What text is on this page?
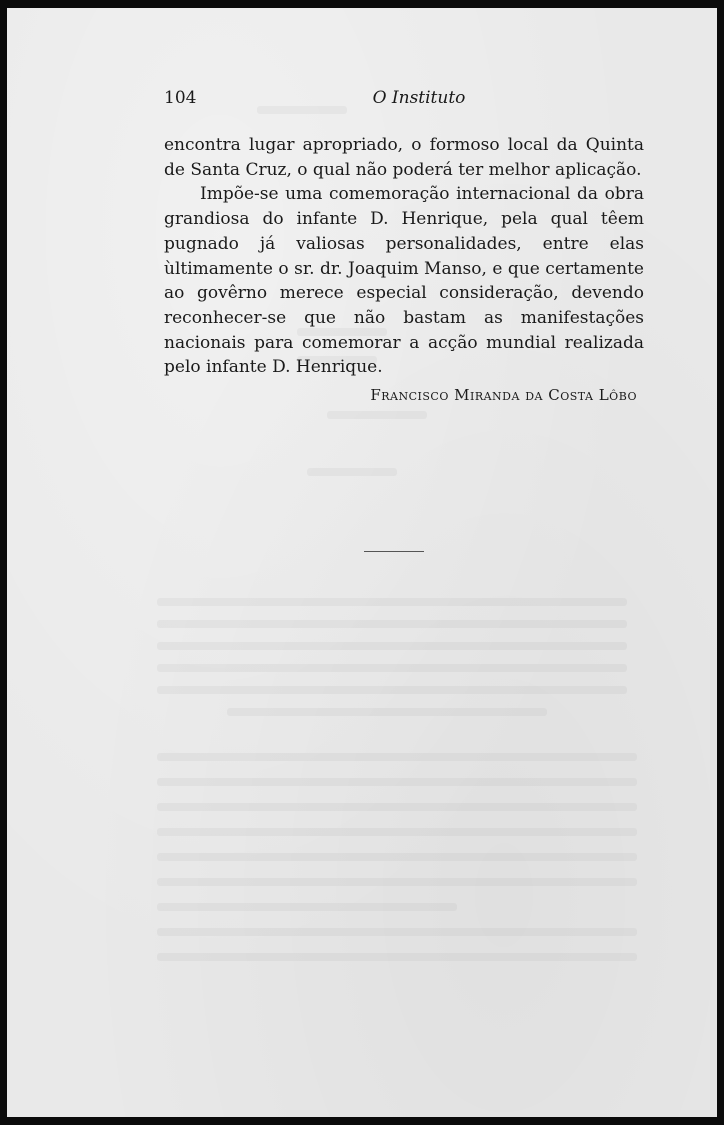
104	O Instituto

encontra lugar apropriado, o formoso local da Quinta de Santa Cruz, o qual não poderá ter melhor aplicação.

Impõe-se uma comemoração internacional da obra grandiosa do infante D. Henrique, pela qual têem pugnado já valiosas personalidades, entre elas ùltimamente o sr. dr. Joaquim Manso, e que certamente ao govêrno merece especial consideração, devendo reconhecer-se que não bastam as manifestações nacionais para comemorar a acção mundial realizada pelo infante D. Henrique.

Francisco Miranda da Costa Lôbo
